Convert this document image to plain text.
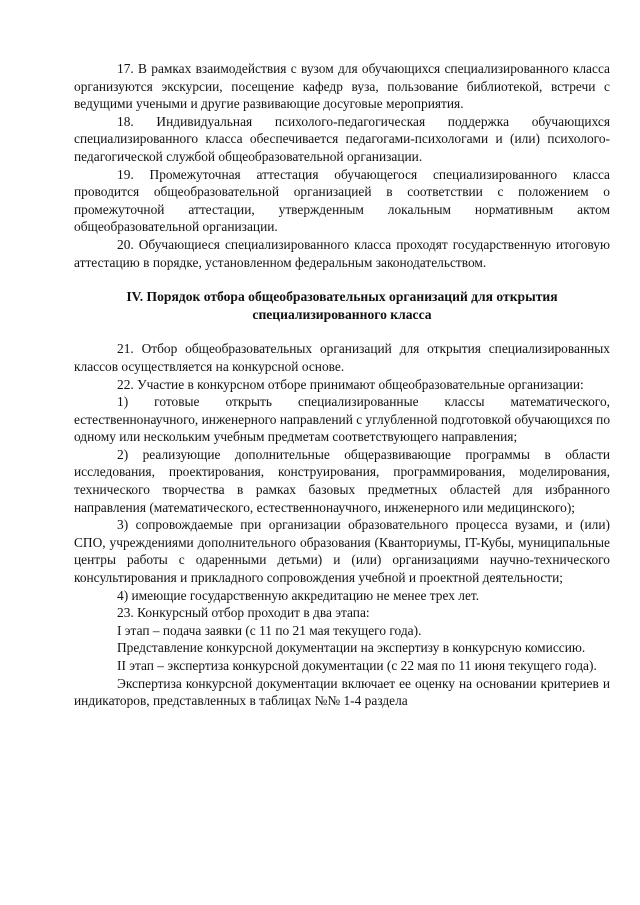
17. В рамках взаимодействия с вузом для обучающихся специализированного класса организуются экскурсии, посещение кафедр вуза, пользование библиотекой, встречи с ведущими учеными и другие развивающие досуговые мероприятия.

18. Индивидуальная психолого-педагогическая поддержка обучающихся специализированного класса обеспечивается педагогами-психологами и (или) психолого-педагогической службой общеобразовательной организации.

19. Промежуточная аттестация обучающегося специализированного класса проводится общеобразовательной организацией в соответствии с положением о промежуточной аттестации, утвержденным локальным нормативным актом общеобразовательной организации.

20. Обучающиеся специализированного класса проходят государственную итоговую аттестацию в порядке, установленном федеральным законодательством.

IV. Порядок отбора общеобразовательных организаций для открытия специализированного класса

21. Отбор общеобразовательных организаций для открытия специализированных классов осуществляется на конкурсной основе.

22. Участие в конкурсном отборе принимают общеобразовательные организации:

1) готовые открыть специализированные классы математического, естественнонаучного, инженерного направлений с углубленной подготовкой обучающихся по одному или нескольким учебным предметам соответствующего направления;

2) реализующие дополнительные общеразвивающие программы в области исследования, проектирования, конструирования, программирования, моделирования, технического творчества в рамках базовых предметных областей для избранного направления (математического, естественнонаучного, инженерного или медицинского);

3) сопровождаемые при организации образовательного процесса вузами, и (или) СПО, учреждениями дополнительного образования (Кванториумы, IT-Кубы, муниципальные центры работы с одаренными детьми) и (или) организациями научно-технического консультирования и прикладного сопровождения учебной и проектной деятельности;

4) имеющие государственную аккредитацию не менее трех лет.

23. Конкурсный отбор проходит в два этапа:

I этап – подача заявки (с 11 по 21 мая текущего года).

Представление конкурсной документации на экспертизу в конкурсную комиссию.

II этап – экспертиза конкурсной документации (с 22 мая по 11 июня текущего года).

Экспертиза конкурсной документации включает ее оценку на основании критериев и индикаторов, представленных в таблицах №№ 1-4 раздела
